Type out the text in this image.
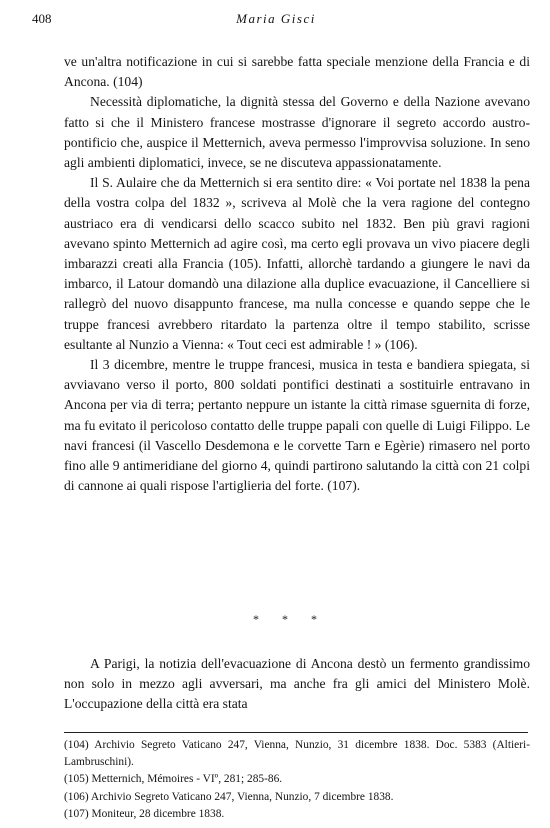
408	Maria Gisci

ve un'altra notificazione in cui si sarebbe fatta speciale menzione della Francia e di Ancona. (104)

Necessità diplomatiche, la dignità stessa del Governo e della Nazione avevano fatto si che il Ministero francese mostrasse d'ignorare il segreto accordo austro-pontificio che, auspice il Metternich, aveva permesso l'improvvisa soluzione. In seno agli ambienti diplomatici, invece, se ne discuteva appassionatamente.

Il S. Aulaire che da Metternich si era sentito dire: « Voi portate nel 1838 la pena della vostra colpa del 1832 », scriveva al Molè che la vera ragione del contegno austriaco era di vendicarsi dello scacco subito nel 1832. Ben più gravi ragioni avevano spinto Metternich ad agire così, ma certo egli provava un vivo piacere degli imbarazzi creati alla Francia (105). Infatti, allorchè tardando a giungere le navi da imbarco, il Latour domandò una dilazione alla duplice evacuazione, il Cancelliere si rallegrò del nuovo disappunto francese, ma nulla concesse e quando seppe che le truppe francesi avrebbero ritardato la partenza oltre il tempo stabilito, scrisse esultante al Nunzio a Vienna: « Tout ceci est admirable ! » (106).

Il 3 dicembre, mentre le truppe francesi, musica in testa e bandiera spiegata, si avviavano verso il porto, 800 soldati pontifici destinati a sostituirle entravano in Ancona per via di terra; pertanto neppure un istante la città rimase sguernita di forze, ma fu evitato il pericoloso contatto delle truppe papali con quelle di Luigi Filippo. Le navi francesi (il Vascello Desdemona e le corvette Tarn e Egèrie) rimasero nel porto fino alle 9 antimeridiane del giorno 4, quindi partirono salutando la città con 21 colpi di cannone ai quali rispose l'artiglieria del forte. (107).

* * *

A Parigi, la notizia dell'evacuazione di Ancona destò un fermento grandissimo non solo in mezzo agli avversari, ma anche fra gli amici del Ministero Molè. L'occupazione della città era stata

(104) Archivio Segreto Vaticano 247, Vienna, Nunzio, 31 dicembre 1838. Doc. 5383 (Altieri-Lambruschini).

(105) Metternich, Mémoires - VIº, 281; 285-86.

(106) Archivio Segreto Vaticano 247, Vienna, Nunzio, 7 dicembre 1838.

(107) Moniteur, 28 dicembre 1838.
